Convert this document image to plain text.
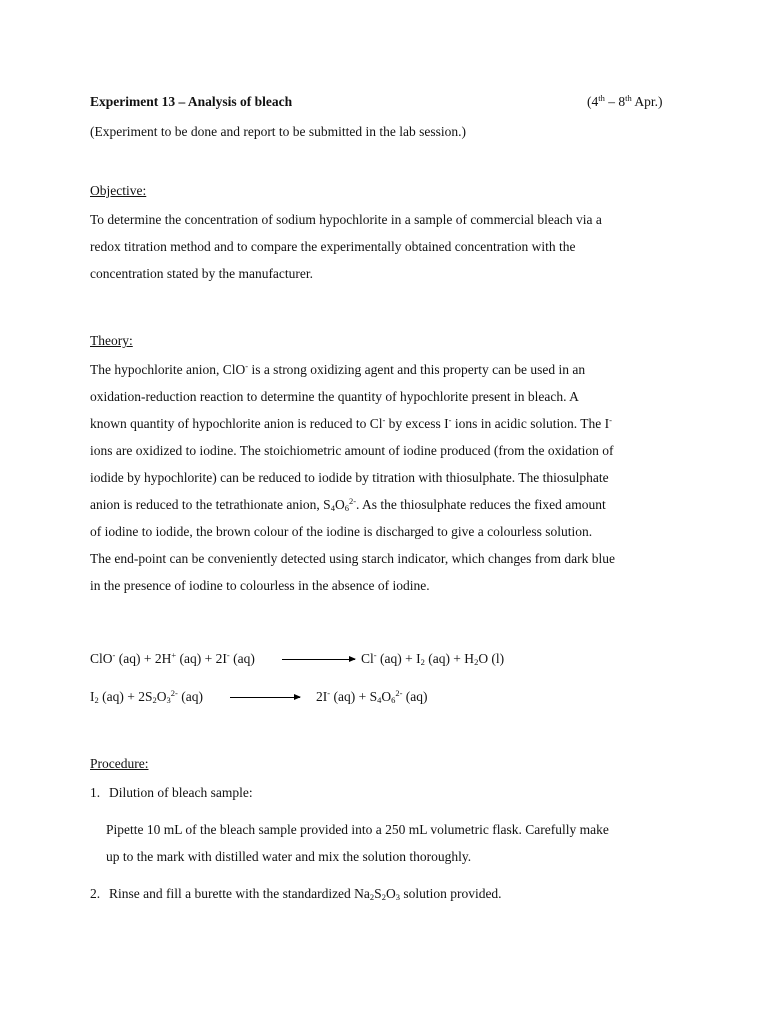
Experiment 13 – Analysis of bleach	(4th – 8th Apr.)
(Experiment to be done and report to be submitted in the lab session.)
Objective:
To determine the concentration of sodium hypochlorite in a sample of commercial bleach via a
redox titration method and to compare the experimentally obtained concentration with the
concentration stated by the manufacturer.
Theory:
The hypochlorite anion, ClO- is a strong oxidizing agent and this property can be used in an
oxidation-reduction reaction to determine the quantity of hypochlorite present in bleach. A
known quantity of hypochlorite anion is reduced to Cl- by excess I- ions in acidic solution. The I-
ions are oxidized to iodine. The stoichiometric amount of iodine produced (from the oxidation of
iodide by hypochlorite) can be reduced to iodide by titration with thiosulphate. The thiosulphate
anion is reduced to the tetrathionate anion, $S_4O_6^{2-}$. As the thiosulphate reduces the fixed amount
of iodine to iodide, the brown colour of the iodine is discharged to give a colourless solution.
The end-point can be conveniently detected using starch indicator, which changes from dark blue
in the presence of iodine to colourless in the absence of iodine.
ClO- (aq) + 2H+ (aq) + 2I- (aq)	Cl- $(aq) + I_2$ $(aq) + H_2O$ (l)
$I_2$ $(aq) + 2S_2O_3^{2-}$ (aq)	2I- $(aq) + S_4O_6^{2-}$ (aq)
Procedure:
1. Dilution of bleach sample:
Pipette 10 mL of the bleach sample provided into a 250 mL volumetric flask. Carefully make
up to the mark with distilled water and mix the solution thoroughly.
2. Rinse and fill a burette with the standardized $Na_2S_2O_3$ solution provided.
